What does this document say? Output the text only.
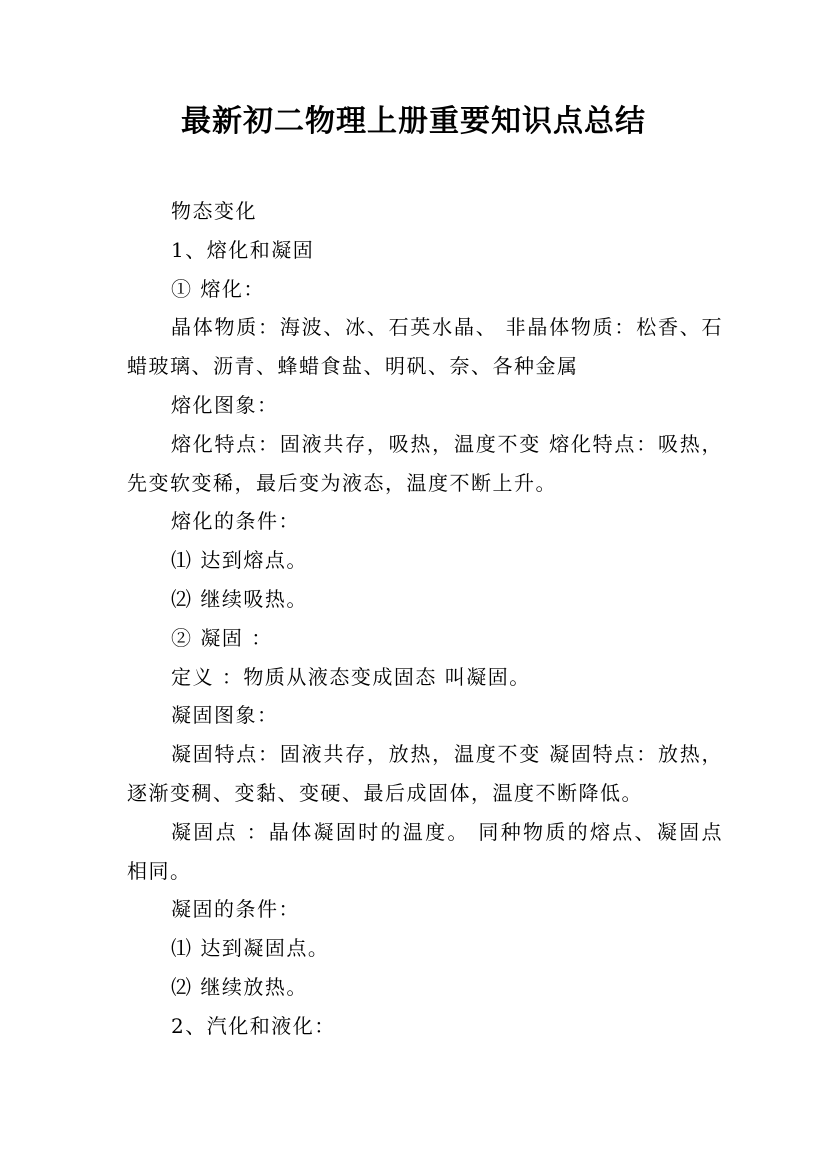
最新初二物理上册重要知识点总结

物态变化

1、熔化和凝固

① 熔化：

晶体物质：海波、冰、石英水晶、 非晶体物质：松香、石蜡玻璃、沥青、蜂蜡食盐、明矾、奈、各种金属

熔化图象：

熔化特点：固液共存，吸热，温度不变 熔化特点：吸热，先变软变稀，最后变为液态，温度不断上升。

熔化的条件：

⑴ 达到熔点。

⑵ 继续吸热。

② 凝固 ：

定义 ：物质从液态变成固态 叫凝固。

凝固图象：

凝固特点：固液共存，放热，温度不变 凝固特点：放热，逐渐变稠、变黏、变硬、最后成固体，温度不断降低。

凝固点 ：晶体凝固时的温度。 同种物质的熔点、凝固点相同。

凝固的条件：

⑴ 达到凝固点。

⑵ 继续放热。

2、汽化和液化：
